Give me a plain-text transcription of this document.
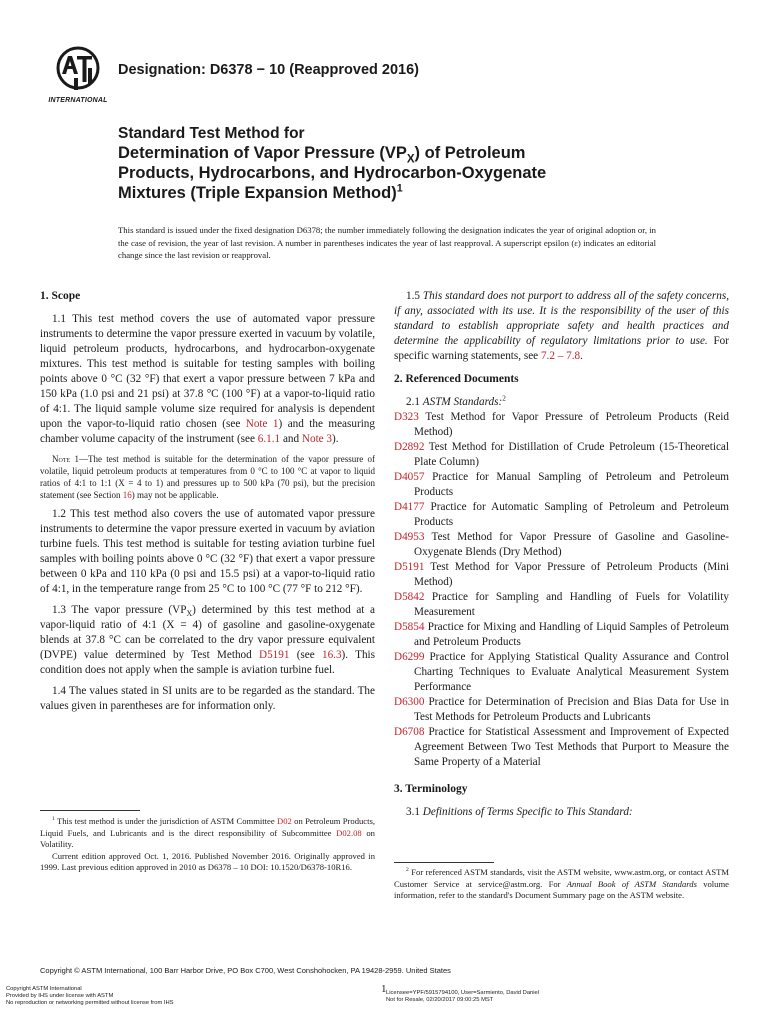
INTERNATIONAL
Designation: D6378 − 10 (Reapproved 2016)
Standard Test Method for
Determination of Vapor Pressure $(VP_X)$ of Petroleum
Products, Hydrocarbons, and Hydrocarbon-Oxygenate
Mixtures (Triple Expansion Method)$^1$
This standard is issued under the fixed designation D6378; the number immediately following the designation indicates the year of original adoption or, in the case of revision, the year of last revision. A number in parentheses indicates the year of last reapproval. A superscript epsilon (ε) indicates an editorial change since the last revision or reapproval.
1. Scope

1.1 This test method covers the use of automated vapor pressure instruments to determine the vapor pressure exerted in vacuum by volatile, liquid petroleum products, hydrocarbons, and hydrocarbon-oxygenate mixtures. This test method is suitable for testing samples with boiling points above 0 °C (32 °F) that exert a vapor pressure between 7 kPa and 150 kPa (1.0 psi and 21 psi) at 37.8 °C (100 °F) at a vapor-to-liquid ratio of 4:1. The liquid sample volume size required for analysis is dependent upon the vapor-to-liquid ratio chosen (see Note 1) and the measuring chamber volume capacity of the instrument (see 6.1.1 and Note 3).

Note 1—The test method is suitable for the determination of the vapor pressure of volatile, liquid petroleum products at temperatures from 0 °C to 100 °C at vapor to liquid ratios of 4:1 to 1:1 (X = 4 to 1) and pressures up to 500 kPa (70 psi), but the precision statement (see Section 16) may not be applicable.

1.2 This test method also covers the use of automated vapor pressure instruments to determine the vapor pressure exerted in vacuum by aviation turbine fuels. This test method is suitable for testing aviation turbine fuel samples with boiling points above 0 °C (32 °F) that exert a vapor pressure between 0 kPa and 110 kPa (0 psi and 15.5 psi) at a vapor-to-liquid ratio of 4:1, in the temperature range from 25 °C to 100 °C (77 °F to 212 °F).

1.3 The vapor pressure $(VP_X)$ determined by this test method at a vapor-liquid ratio of 4:1 (X = 4) of gasoline and gasoline-oxygenate blends at 37.8 °C can be correlated to the dry vapor pressure equivalent (DVPE) value determined by Test Method D5191 (see 16.3). This condition does not apply when the sample is aviation turbine fuel.

1.4 The values stated in SI units are to be regarded as the standard. The values given in parentheses are for information only.

1.5 This standard does not purport to address all of the safety concerns, if any, associated with its use. It is the responsibility of the user of this standard to establish appropriate safety and health practices and determine the applicability of regulatory limitations prior to use. For specific warning statements, see 7.2 – 7.8.

2. Referenced Documents

2.1 ASTM Standards:$^2$

D323 Test Method for Vapor Pressure of Petroleum Products (Reid Method)
D2892 Test Method for Distillation of Crude Petroleum (15-Theoretical Plate Column)
D4057 Practice for Manual Sampling of Petroleum and Petroleum Products
D4177 Practice for Automatic Sampling of Petroleum and Petroleum Products
D4953 Test Method for Vapor Pressure of Gasoline and Gasoline-Oxygenate Blends (Dry Method)
D5191 Test Method for Vapor Pressure of Petroleum Products (Mini Method)
D5842 Practice for Sampling and Handling of Fuels for Volatility Measurement
D5854 Practice for Mixing and Handling of Liquid Samples of Petroleum and Petroleum Products
D6299 Practice for Applying Statistical Quality Assurance and Control Charting Techniques to Evaluate Analytical Measurement System Performance
D6300 Practice for Determination of Precision and Bias Data for Use in Test Methods for Petroleum Products and Lubricants
D6708 Practice for Statistical Assessment and Improvement of Expected Agreement Between Two Test Methods that Purport to Measure the Same Property of a Material
3. Terminology

3.1 Definitions of Terms Specific to This Standard:

$^1$ This test method is under the jurisdiction of ASTM Committee D02 on Petroleum Products, Liquid Fuels, and Lubricants and is the direct responsibility of Subcommittee D02.08 on Volatility.

Current edition approved Oct. 1, 2016. Published November 2016. Originally approved in 1999. Last previous edition approved in 2010 as D6378 – 10 DOI: 10.1520/D6378-10R16.	$^2$ For referenced ASTM standards, visit the ASTM website, www.astm.org, or contact ASTM Customer Service at service@astm.org. For Annual Book of ASTM Standards volume information, refer to the standard's Document Summary page on the ASTM website.

Copyright © ASTM International, 100 Barr Harbor Drive, PO Box C700, West Conshohocken, PA 19428-2959. United States
Copyright ASTM International
Provided by IHS under license with ASTM
No reproduction or networking permitted without license from IHS
1 Licensee=YPF/5915794100, User=Sarmiento, David Daniel
Not for Resale, 02/20/2017 09:00:25 MST
